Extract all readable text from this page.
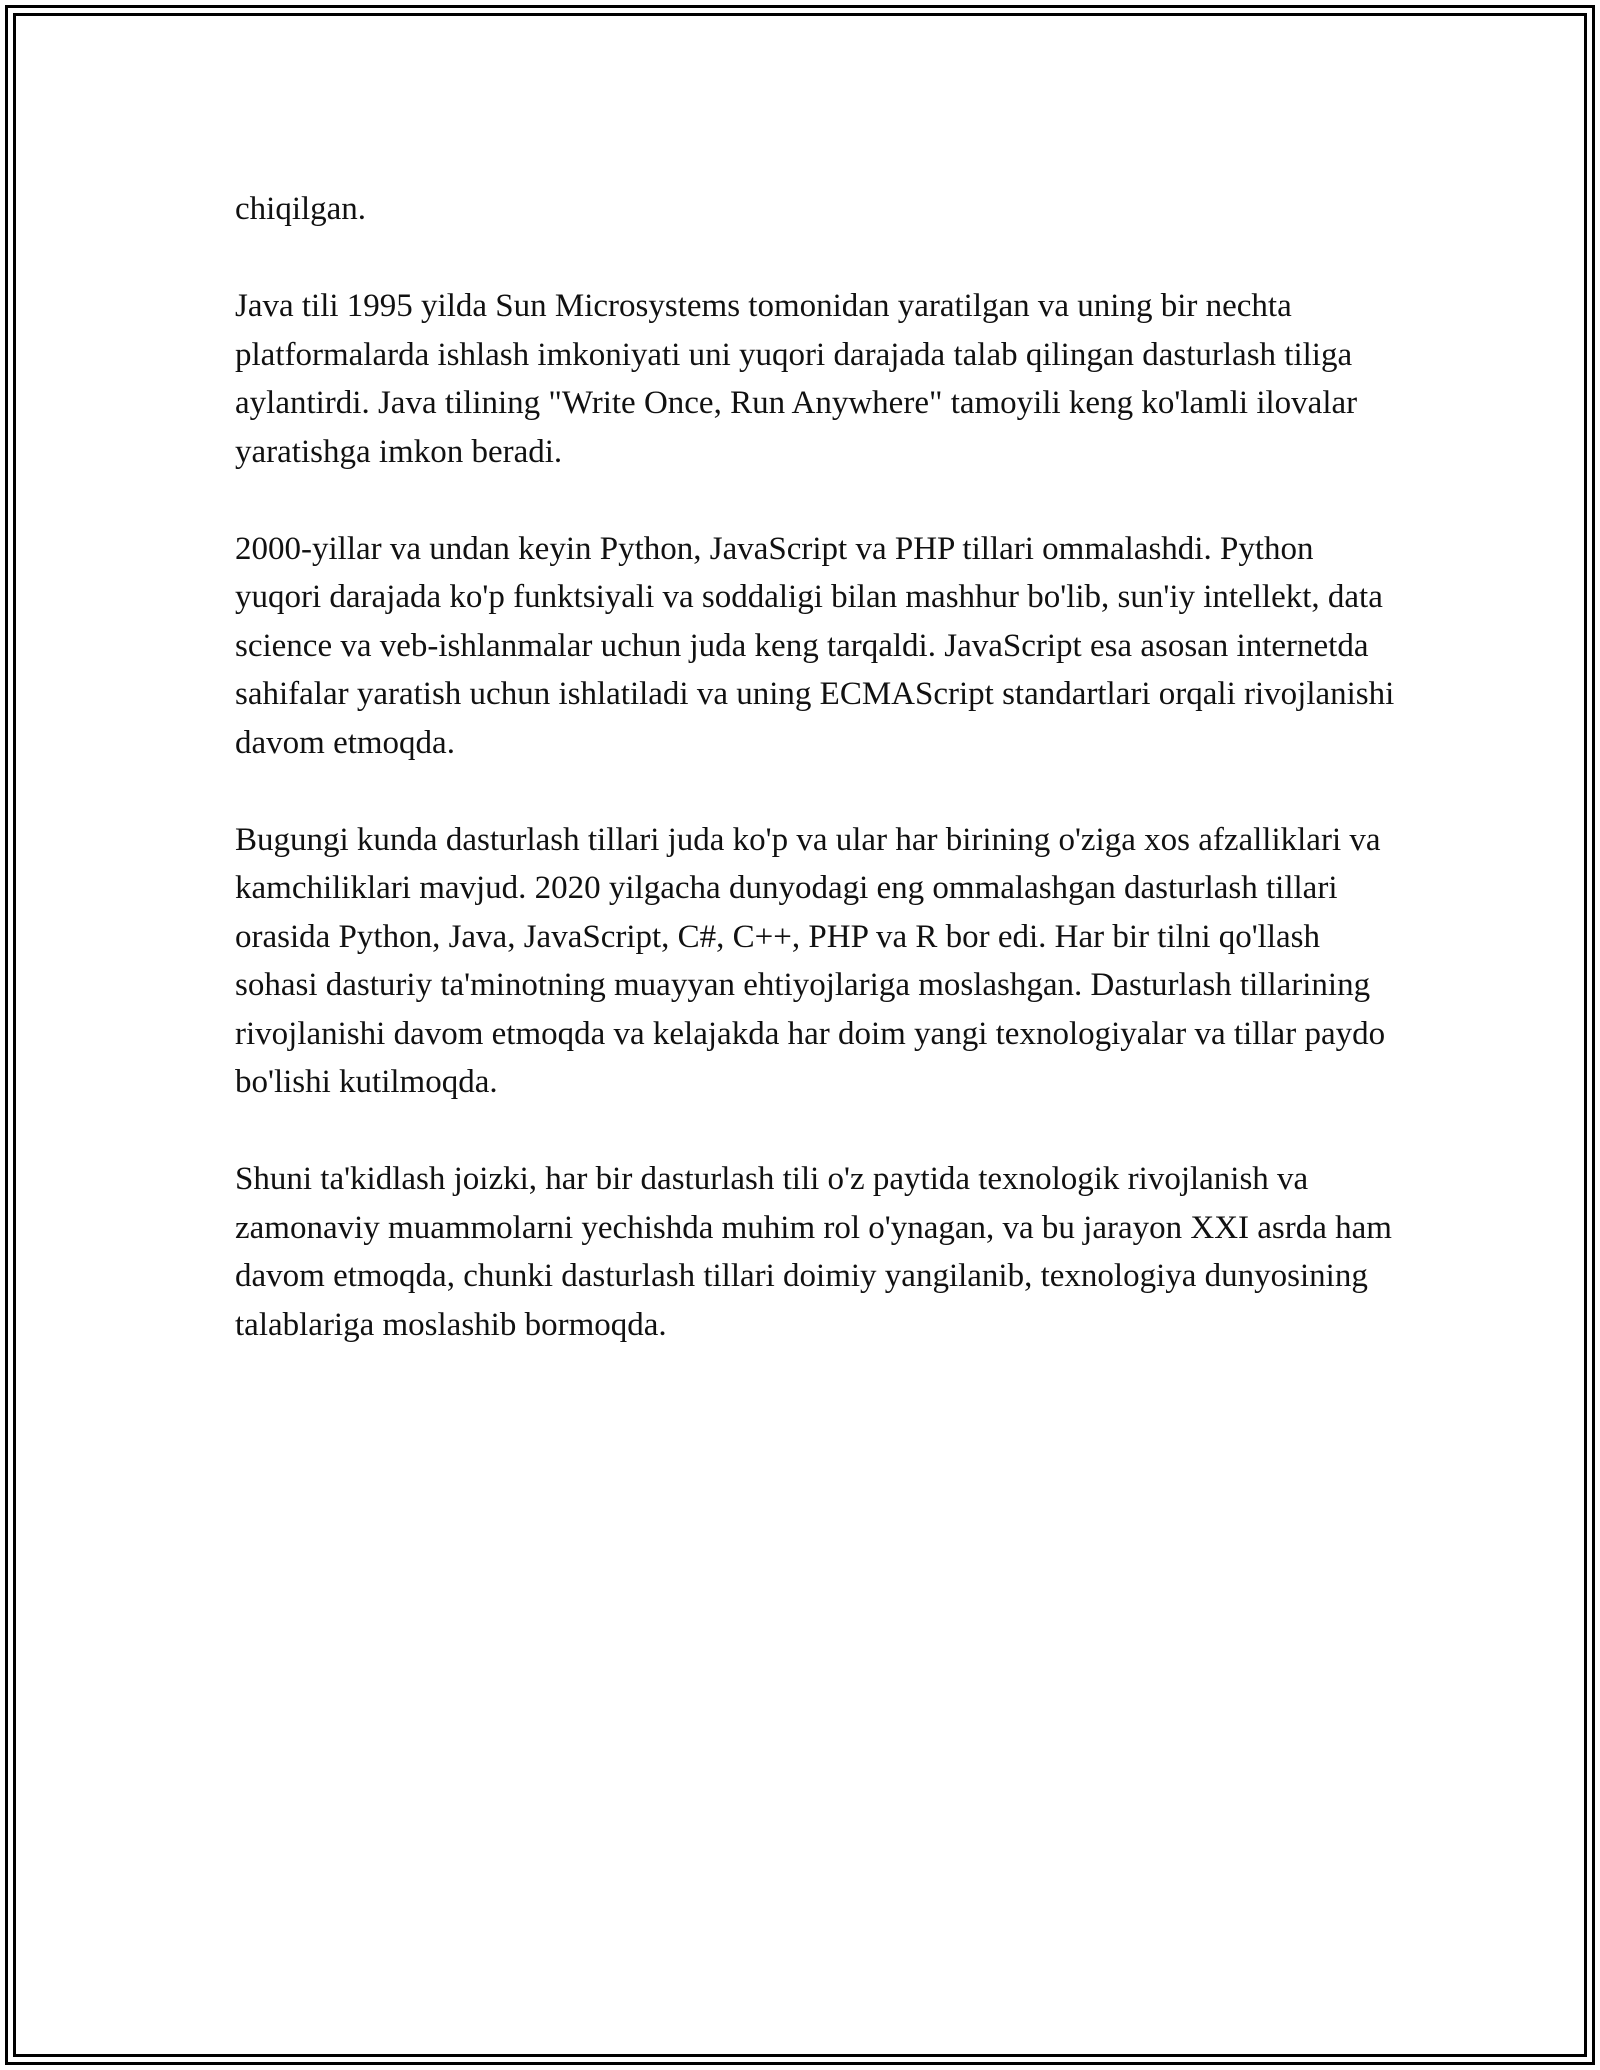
chiqilgan.

Java tili 1995 yilda Sun Microsystems tomonidan yaratilgan va uning bir nechta platformalarda ishlash imkoniyati uni yuqori darajada talab qilingan dasturlash tiliga aylantirdi. Java tilining "Write Once, Run Anywhere" tamoyili keng ko'lamli ilovalar yaratishga imkon beradi.

2000-yillar va undan keyin Python, JavaScript va PHP tillari ommalashdi. Python yuqori darajada ko'p funktsiyali va soddaligi bilan mashhur bo'lib, sun'iy intellekt, data science va veb-ishlanmalar uchun juda keng tarqaldi. JavaScript esa asosan internetda sahifalar yaratish uchun ishlatiladi va uning ECMAScript standartlari orqali rivojlanishi davom etmoqda.

Bugungi kunda dasturlash tillari juda ko'p va ular har birining o'ziga xos afzalliklari va kamchiliklari mavjud. 2020 yilgacha dunyodagi eng ommalashgan dasturlash tillari orasida Python, Java, JavaScript, C#, C++, PHP va R bor edi. Har bir tilni qo'llash sohasi dasturiy ta'minotning muayyan ehtiyojlariga moslashgan. Dasturlash tillarining rivojlanishi davom etmoqda va kelajakda har doim yangi texnologiyalar va tillar paydo bo'lishi kutilmoqda.

Shuni ta'kidlash joizki, har bir dasturlash tili o'z paytida texnologik rivojlanish va zamonaviy muammolarni yechishda muhim rol o'ynagan, va bu jarayon XXI asrda ham davom etmoqda, chunki dasturlash tillari doimiy yangilanib, texnologiya dunyosining talablariga moslashib bormoqda.
